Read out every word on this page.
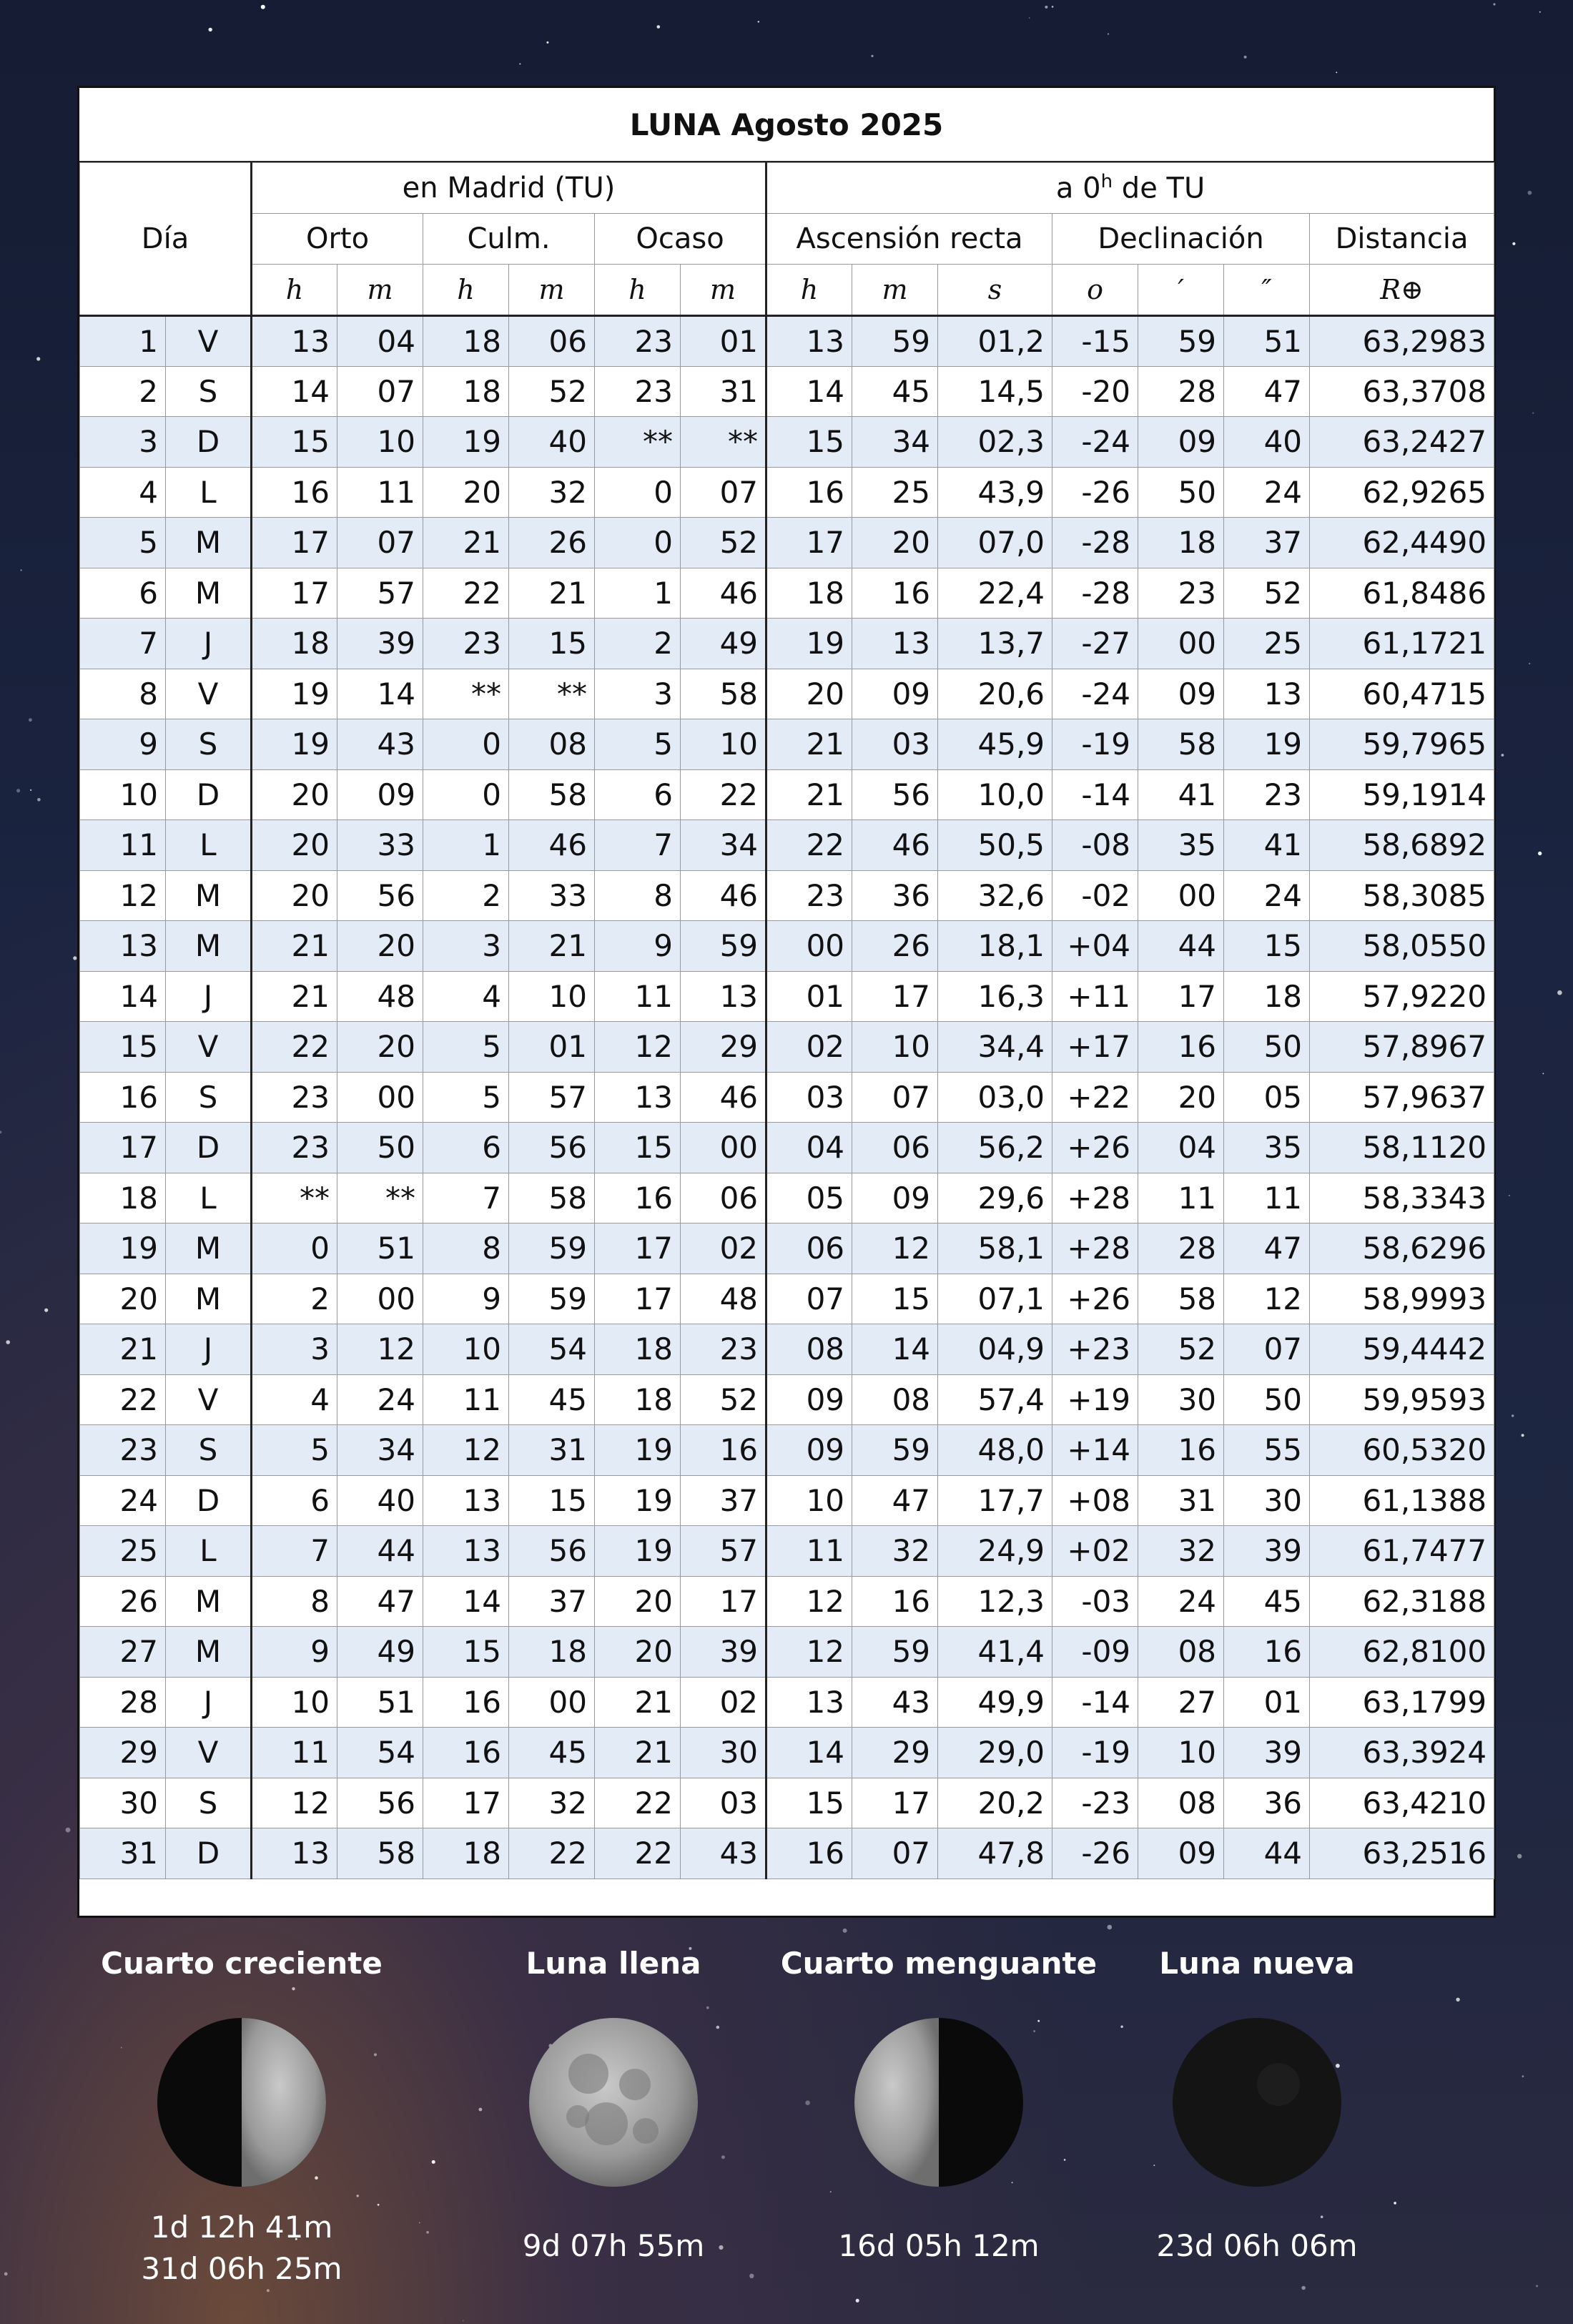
LUNA Agosto 2025
Día		en Madrid (TU)						a 0$^h$ de TU						
		Orto		Culm.		Ocaso		Ascensión recta			Declinación			Distancia
		h	m	h	m	h	m	h	m	s	o	′	″	R⊕
1	V	13	04	18	06	23	01	13	59	01,2	-15	59	51	63,2983
2	S	14	07	18	52	23	31	14	45	14,5	-20	28	47	63,3708
3	D	15	10	19	40	**	**	15	34	02,3	-24	09	40	63,2427
4	L	16	11	20	32	0	07	16	25	43,9	-26	50	24	62,9265
5	M	17	07	21	26	0	52	17	20	07,0	-28	18	37	62,4490
6	M	17	57	22	21	1	46	18	16	22,4	-28	23	52	61,8486
7	J	18	39	23	15	2	49	19	13	13,7	-27	00	25	61,1721
8	V	19	14	**	**	3	58	20	09	20,6	-24	09	13	60,4715
9	S	19	43	0	08	5	10	21	03	45,9	-19	58	19	59,7965
10	D	20	09	0	58	6	22	21	56	10,0	-14	41	23	59,1914
11	L	20	33	1	46	7	34	22	46	50,5	-08	35	41	58,6892
12	M	20	56	2	33	8	46	23	36	32,6	-02	00	24	58,3085
13	M	21	20	3	21	9	59	00	26	18,1	+04	44	15	58,0550
14	J	21	48	4	10	11	13	01	17	16,3	+11	17	18	57,9220
15	V	22	20	5	01	12	29	02	10	34,4	+17	16	50	57,8967
16	S	23	00	5	57	13	46	03	07	03,0	+22	20	05	57,9637
17	D	23	50	6	56	15	00	04	06	56,2	+26	04	35	58,1120
18	L	**	**	7	58	16	06	05	09	29,6	+28	11	11	58,3343
19	M	0	51	8	59	17	02	06	12	58,1	+28	28	47	58,6296
20	M	2	00	9	59	17	48	07	15	07,1	+26	58	12	58,9993
21	J	3	12	10	54	18	23	08	14	04,9	+23	52	07	59,4442
22	V	4	24	11	45	18	52	09	08	57,4	+19	30	50	59,9593
23	S	5	34	12	31	19	16	09	59	48,0	+14	16	55	60,5320
24	D	6	40	13	15	19	37	10	47	17,7	+08	31	30	61,1388
25	L	7	44	13	56	19	57	11	32	24,9	+02	32	39	61,7477
26	M	8	47	14	37	20	17	12	16	12,3	-03	24	45	62,3188
27	M	9	49	15	18	20	39	12	59	41,4	-09	08	16	62,8100
28	J	10	51	16	00	21	02	13	43	49,9	-14	27	01	63,1799
29	V	11	54	16	45	21	30	14	29	29,0	-19	10	39	63,3924
30	S	12	56	17	32	22	03	15	17	20,2	-23	08	36	63,4210
31	D	13	58	18	22	22	43	16	07	47,8	-26	09	44	63,2516
Cuarto creciente
1d 12h 41m
31d 06h 25m
Luna llena
9d 07h 55m
Cuarto menguante
16d 05h 12m
Luna nueva
23d 06h 06m
